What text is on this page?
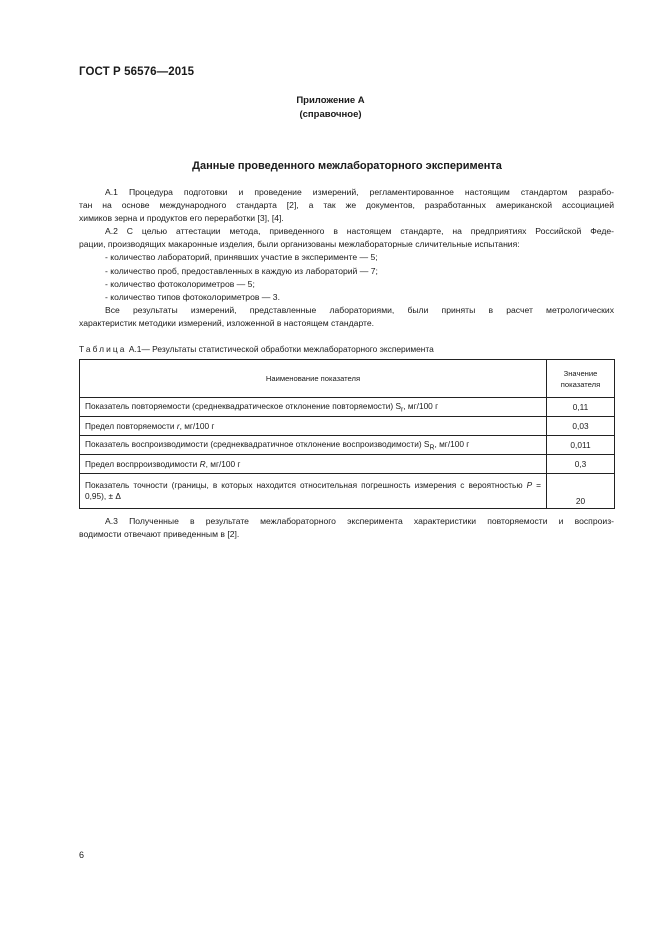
ГОСТ Р 56576—2015
Приложение А
(справочное)
Данные проведенного межлабораторного эксперимента
А.1 Процедура подготовки и проведение измерений, регламентированное настоящим стандартом разрабо-
тан на основе международного стандарта [2], а так же документов, разработанных американской ассоциацией
химиков зерна и продуктов его переработки [3], [4].
А.2 С целью аттестации метода, приведенного в настоящем стандарте, на предприятиях Российской Феде-
рации, производящих макаронные изделия, были организованы межлабораторные сличительные испытания:
- количество лабораторий, принявших участие в эксперименте — 5;
- количество проб, предоставленных в каждую из лабораторий — 7;
- количество фотоколориметров — 5;
- количество типов фотоколориметров — 3.
Все результаты измерений, представленные лабораториями, были приняты в расчет метрологических
характеристик методики измерений, изложенной в настоящем стандарте.
Таблица А.1— Результаты статистической обработки межлабораторного эксперимента
Наименование показателя	Значение
показателя
Показатель повторяемости (среднеквадратическое отклонение повторяемости) $S_r$, мг/100 г	0,11
Предел повторяемости r, мг/100 г	0,03
Показатель воспроизводимости (среднеквадратичное отклонение воспроизводимости) $S_R$, мг/100 г	0,011
Предел воспрроизводимости R, мг/100 г	0,3
Показатель точности (границы, в которых находится относительная погрешность измерения с вероятностью P = 0,95), ± Δ	20
А.3 Полученные в результате межлабораторного эксперимента характеристики повторяемости и воспроиз-
водимости отвечают приведенным в [2].
6
